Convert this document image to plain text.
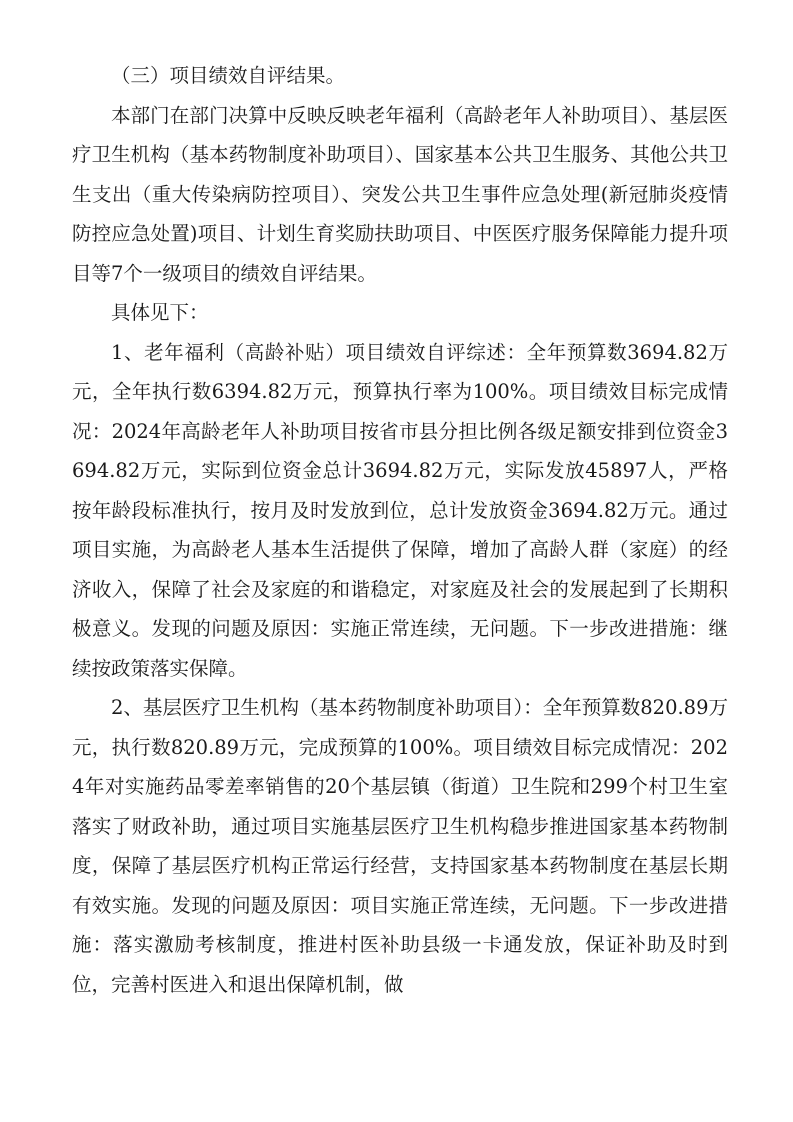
（三）项目绩效自评结果。

本部门在部门决算中反映反映老年福利（高龄老年人补助项目）、基层医疗卫生机构（基本药物制度补助项目）、国家基本公共卫生服务、其他公共卫生支出（重大传染病防控项目）、突发公共卫生事件应急处理(新冠肺炎疫情防控应急处置)项目、计划生育奖励扶助项目、中医医疗服务保障能力提升项目等7个一级项目的绩效自评结果。

具体见下：

1、老年福利（高龄补贴）项目绩效自评综述：全年预算数3694.82万元，全年执行数6394.82万元，预算执行率为100%。项目绩效目标完成情况：2024年高龄老年人补助项目按省市县分担比例各级足额安排到位资金3694.82万元，实际到位资金总计3694.82万元，实际发放45897人，严格按年龄段标准执行，按月及时发放到位，总计发放资金3694.82万元。通过项目实施，为高龄老人基本生活提供了保障，增加了高龄人群（家庭）的经济收入，保障了社会及家庭的和谐稳定，对家庭及社会的发展起到了长期积极意义。发现的问题及原因：实施正常连续，无问题。下一步改进措施：继续按政策落实保障。

2、基层医疗卫生机构（基本药物制度补助项目）：全年预算数820.89万元，执行数820.89万元，完成预算的100%。项目绩效目标完成情况：2024年对实施药品零差率销售的20个基层镇（街道）卫生院和299个村卫生室落实了财政补助，通过项目实施基层医疗卫生机构稳步推进国家基本药物制度，保障了基层医疗机构正常运行经营，支持国家基本药物制度在基层长期有效实施。发现的问题及原因：项目实施正常连续，无问题。下一步改进措施：落实激励考核制度，推进村医补助县级一卡通发放，保证补助及时到位，完善村医进入和退出保障机制，做
